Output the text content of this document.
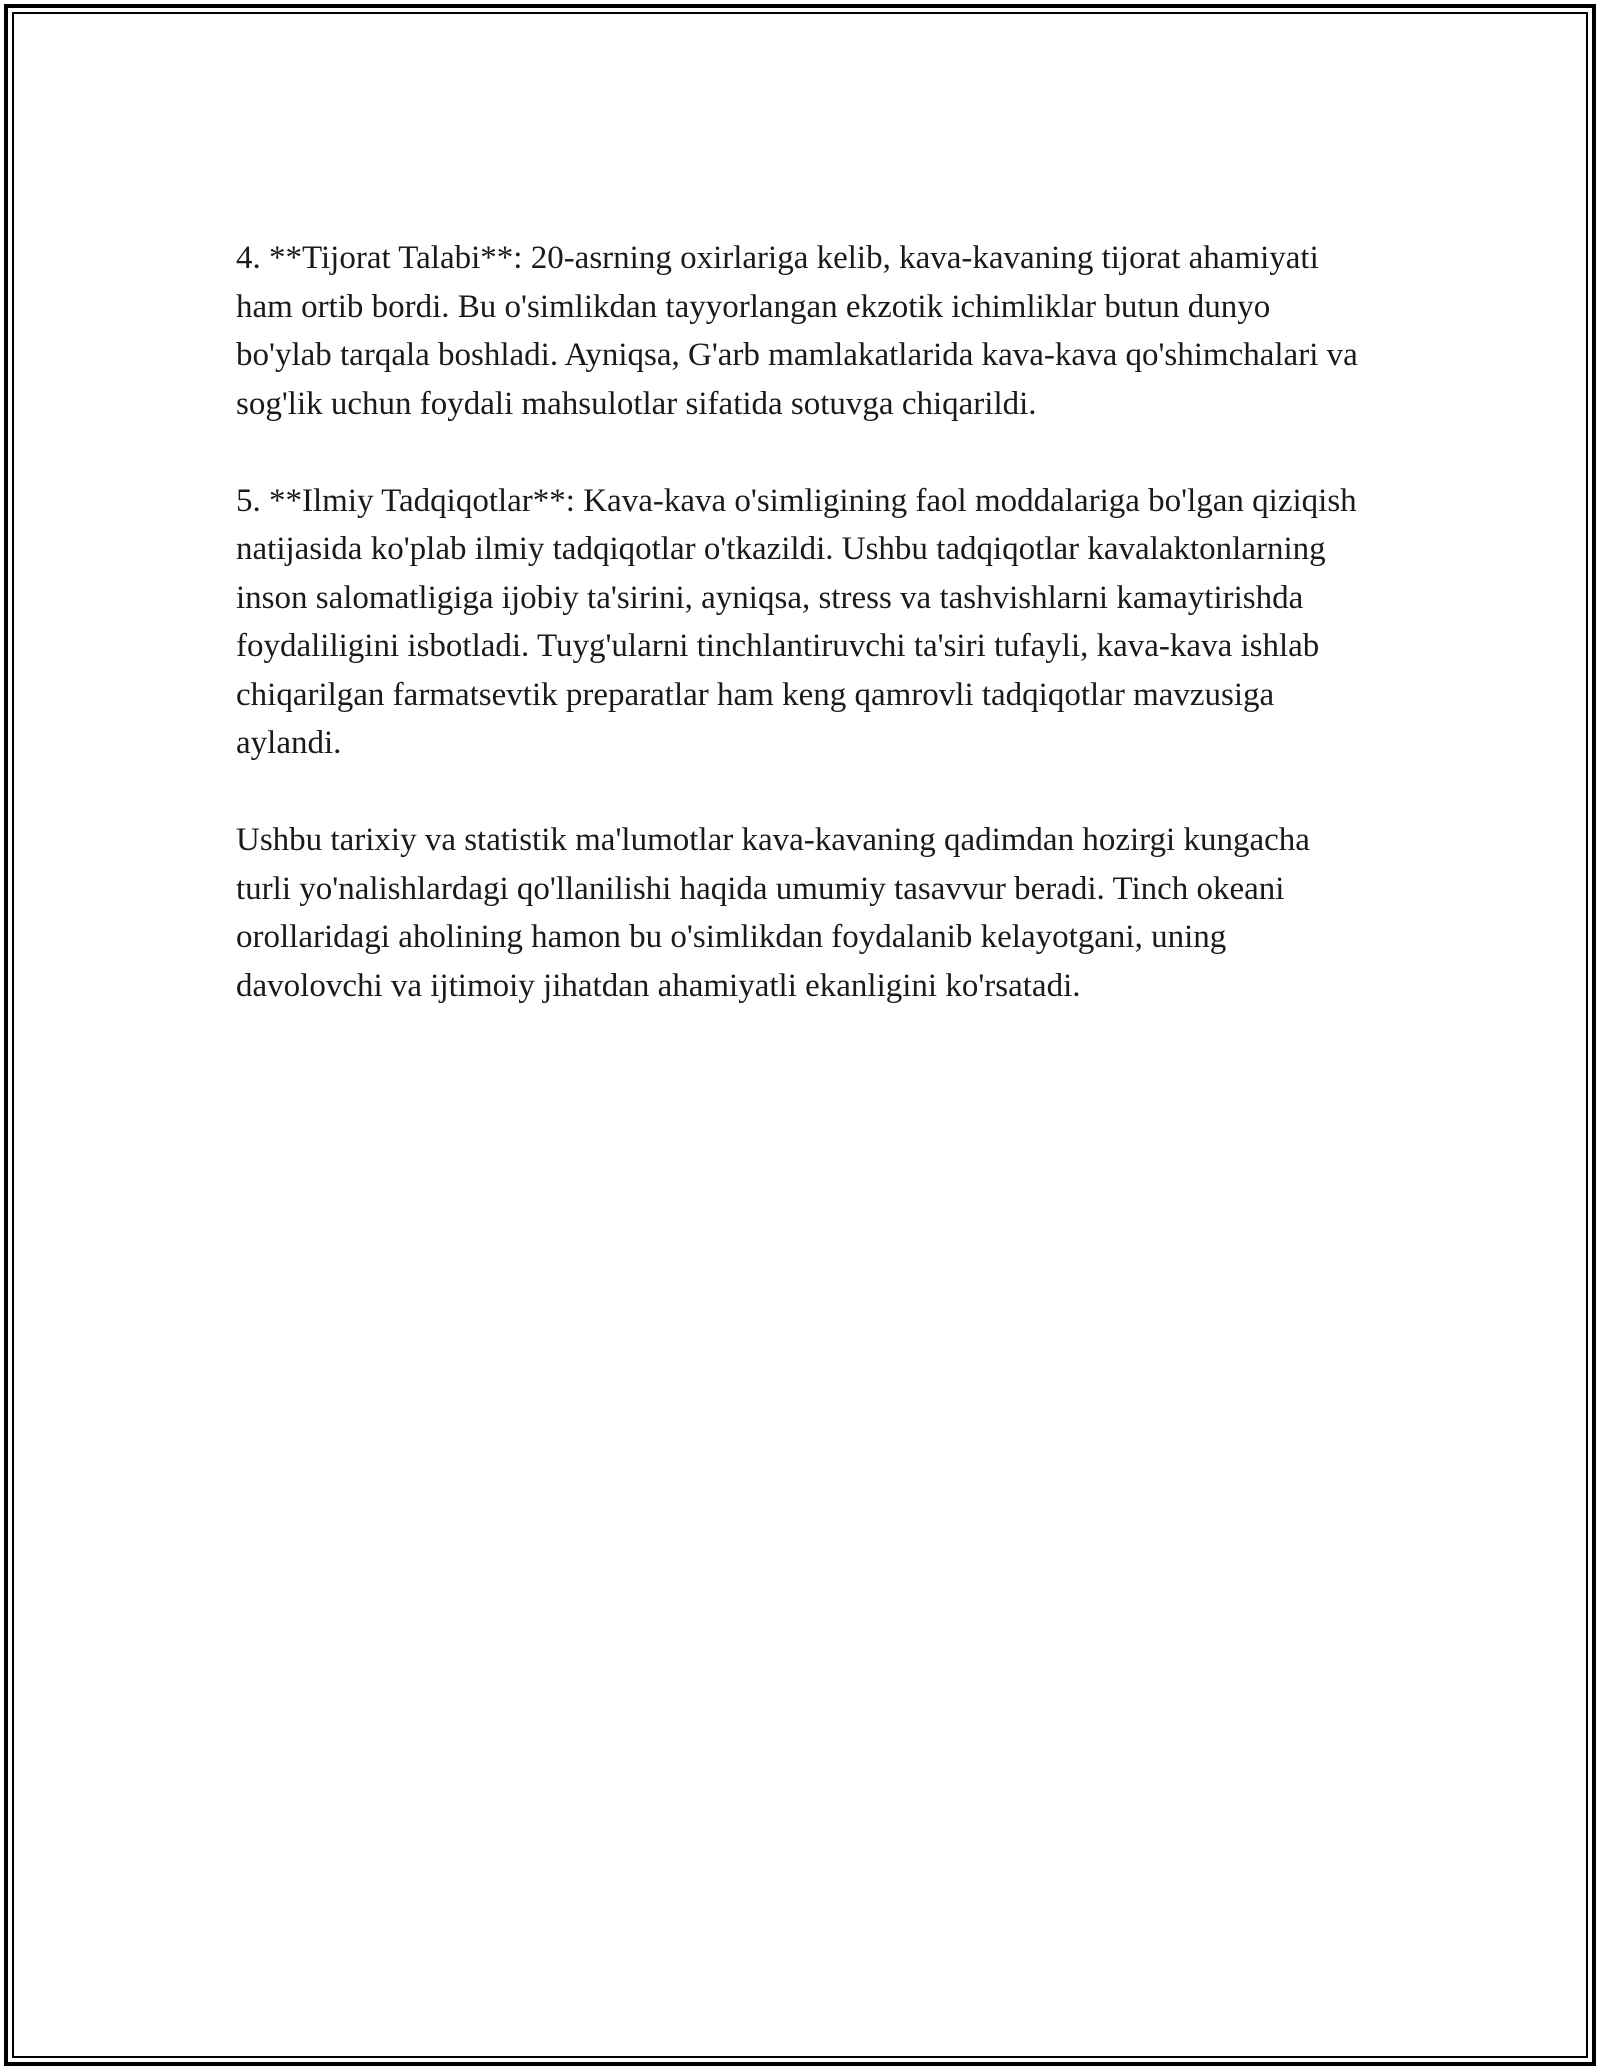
4. **Tijorat Talabi**: 20-asrning oxirlariga kelib, kava-kavaning tijorat ahamiyati ham ortib bordi. Bu o'simlikdan tayyorlangan ekzotik ichimliklar butun dunyo bo'ylab tarqala boshladi. Ayniqsa, G'arb mamlakatlarida kava-kava qo'shimchalari va sog'lik uchun foydali mahsulotlar sifatida sotuvga chiqarildi.

5. **Ilmiy Tadqiqotlar**: Kava-kava o'simligining faol moddalariga bo'lgan qiziqish natijasida ko'plab ilmiy tadqiqotlar o'tkazildi. Ushbu tadqiqotlar kavalaktonlarning inson salomatligiga ijobiy ta'sirini, ayniqsa, stress va tashvishlarni kamaytirishda foydaliligini isbotladi. Tuyg'ularni tinchlantiruvchi ta'siri tufayli, kava-kava ishlab chiqarilgan farmatsevtik preparatlar ham keng qamrovli tadqiqotlar mavzusiga aylandi.

Ushbu tarixiy va statistik ma'lumotlar kava-kavaning qadimdan hozirgi kungacha turli yo'nalishlardagi qo'llanilishi haqida umumiy tasavvur beradi. Tinch okeani orollaridagi aholining hamon bu o'simlikdan foydalanib kelayotgani, uning davolovchi va ijtimoiy jihatdan ahamiyatli ekanligini ko'rsatadi.
